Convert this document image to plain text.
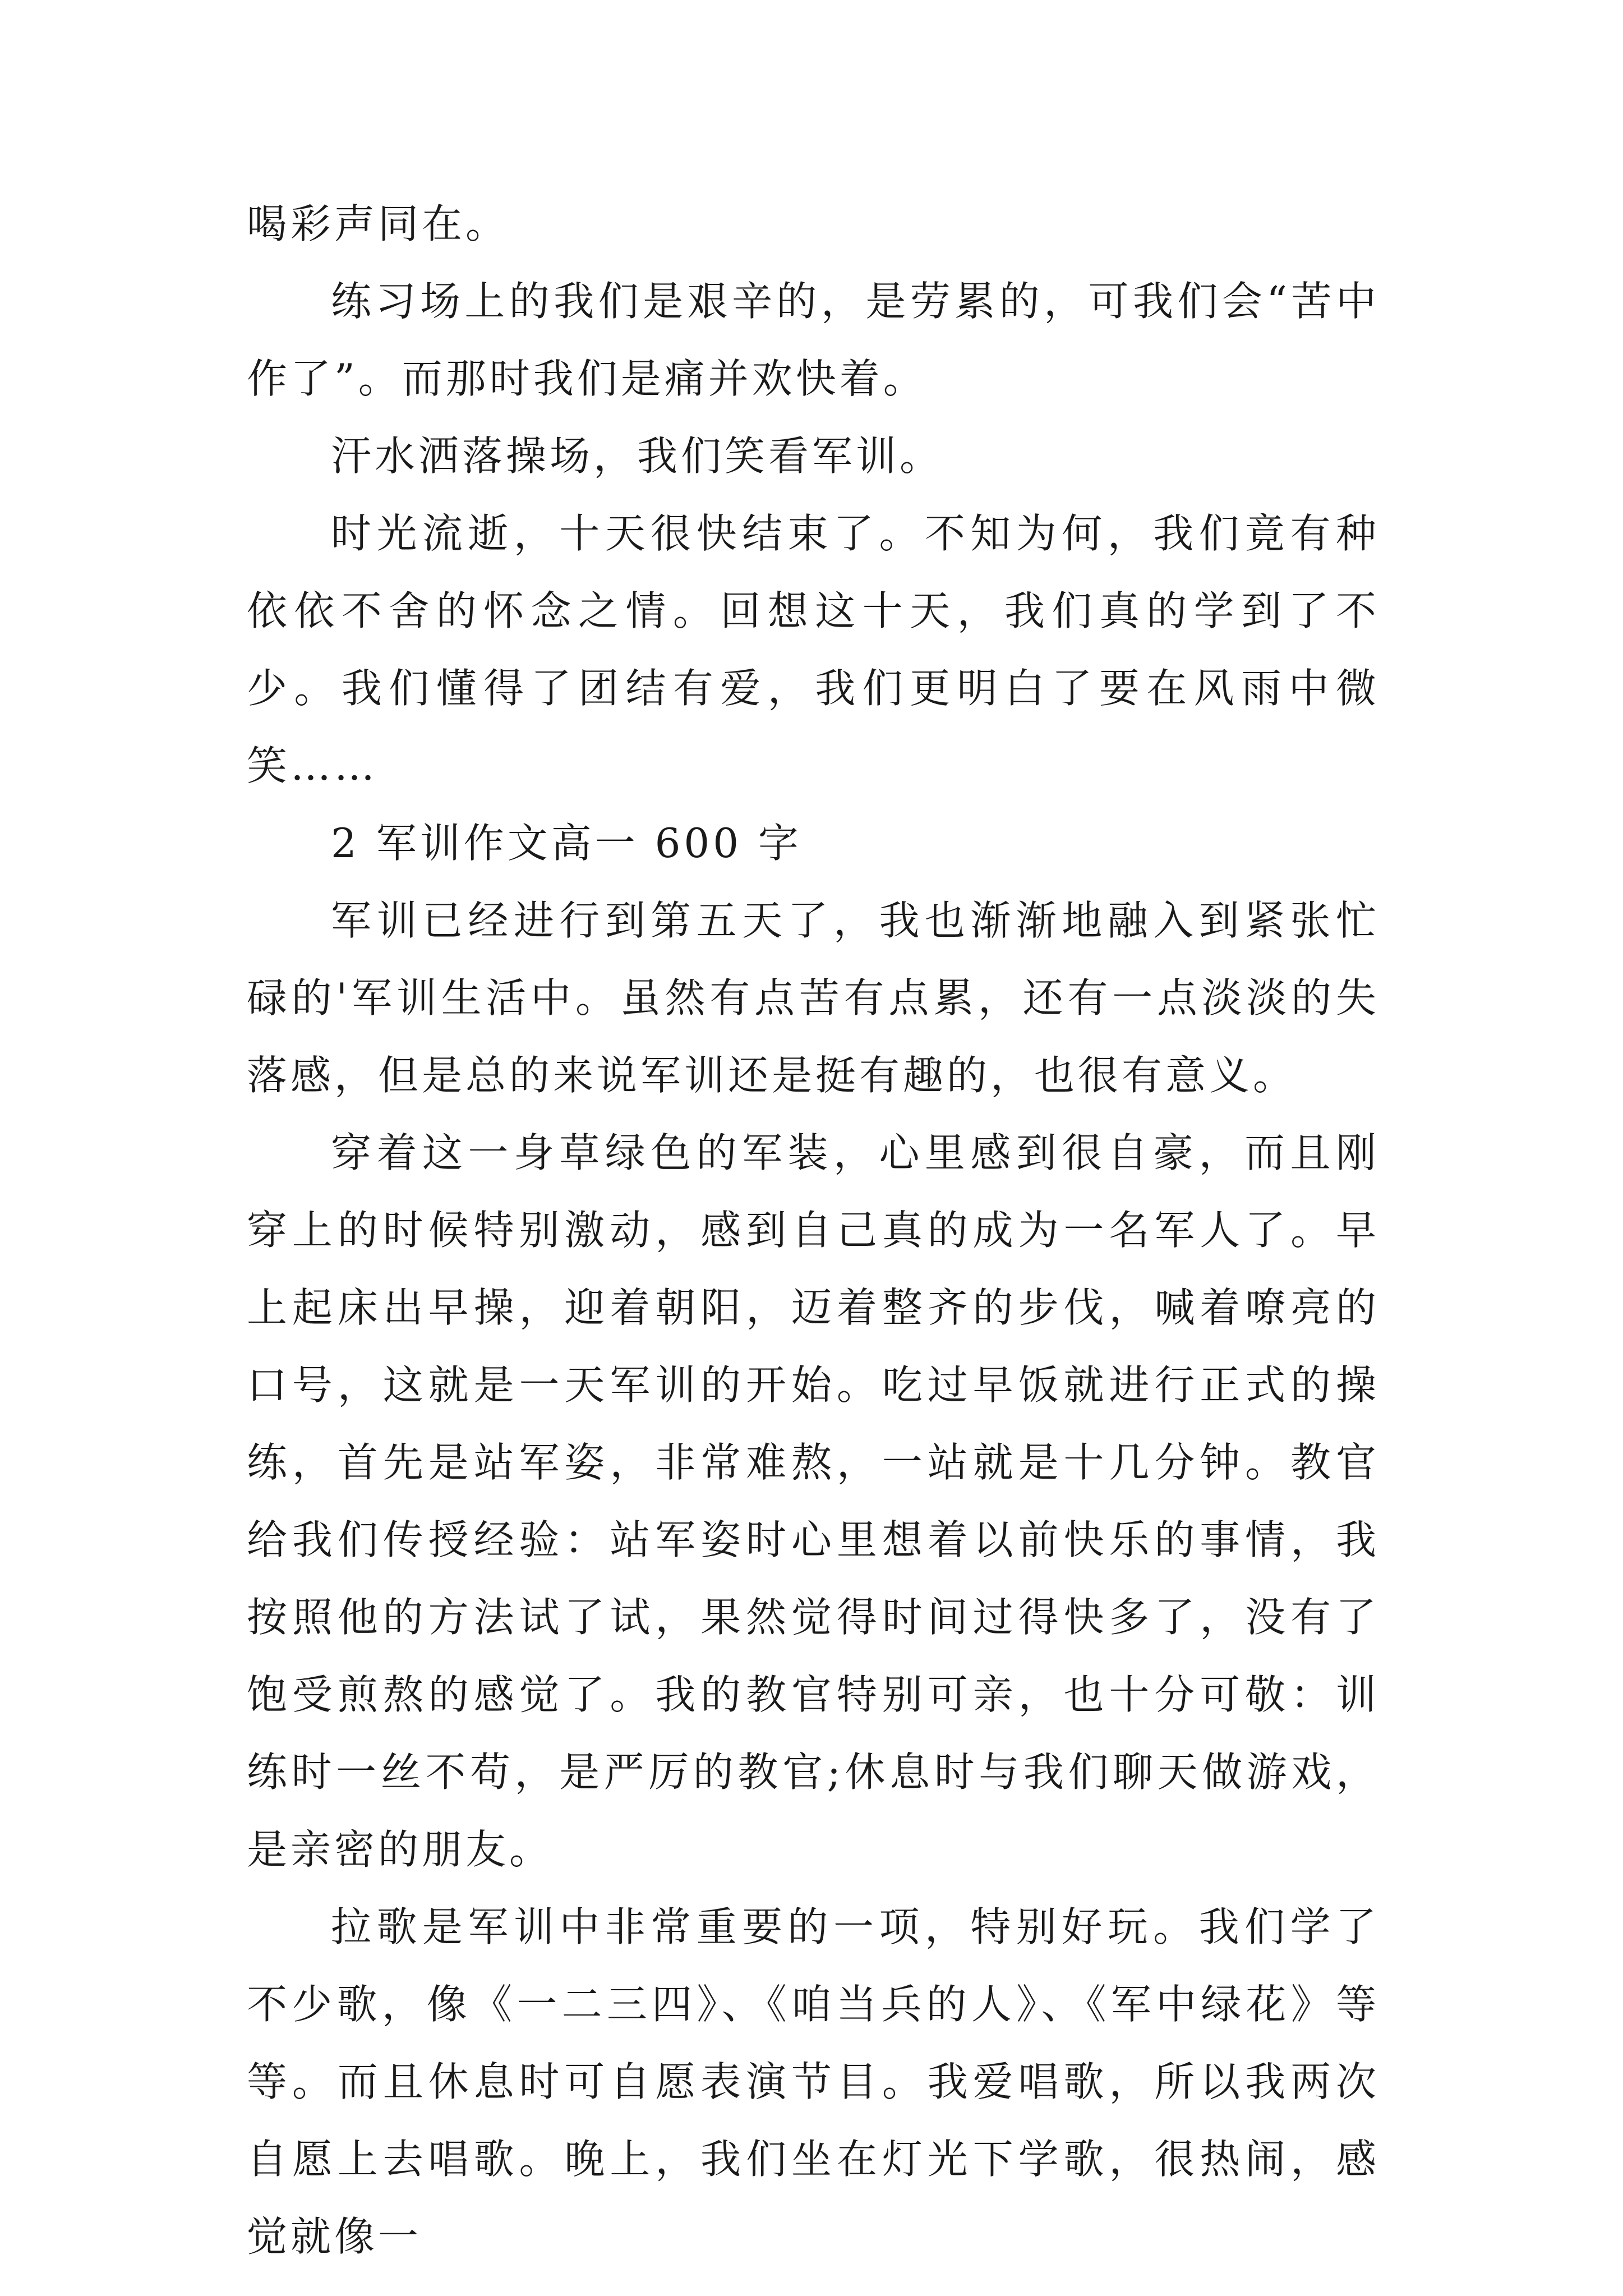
喝彩声同在。

练习场上的我们是艰辛的，是劳累的，可我们会“苦中作了”。而那时我们是痛并欢快着。

汗水洒落操场，我们笑看军训。

时光流逝，十天很快结束了。不知为何，我们竟有种依依不舍的怀念之情。回想这十天，我们真的学到了不少。我们懂得了团结有爱，我们更明白了要在风雨中微笑……

2 军训作文高一 600 字

军训已经进行到第五天了，我也渐渐地融入到紧张忙碌的'军训生活中。虽然有点苦有点累，还有一点淡淡的失落感，但是总的来说军训还是挺有趣的，也很有意义。

穿着这一身草绿色的军装，心里感到很自豪，而且刚穿上的时候特别激动，感到自己真的成为一名军人了。早上起床出早操，迎着朝阳，迈着整齐的步伐，喊着嘹亮的口号，这就是一天军训的开始。吃过早饭就进行正式的操练，首先是站军姿，非常难熬，一站就是十几分钟。教官给我们传授经验：站军姿时心里想着以前快乐的事情，我按照他的方法试了试，果然觉得时间过得快多了，没有了饱受煎熬的感觉了。我的教官特别可亲，也十分可敬：训练时一丝不苟，是严厉的教官;休息时与我们聊天做游戏，是亲密的朋友。

拉歌是军训中非常重要的一项，特别好玩。我们学了不少歌，像《一二三四》、《咱当兵的人》、《军中绿花》等等。而且休息时可自愿表演节目。我爱唱歌，所以我两次自愿上去唱歌。晚上，我们坐在灯光下学歌，很热闹，感觉就像一
